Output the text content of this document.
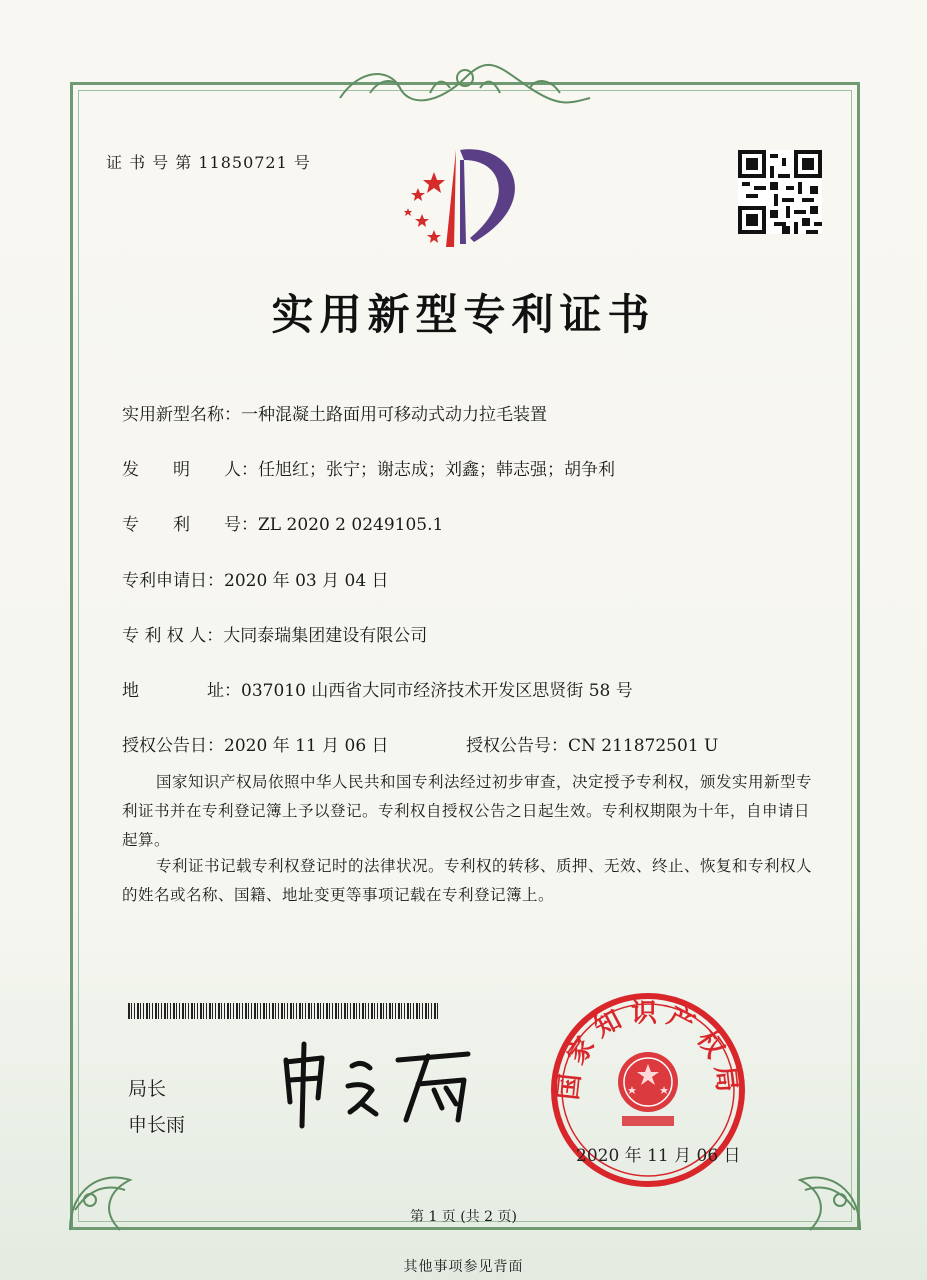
证 书 号 第 11850721 号
实用新型专利证书
实用新型名称：一种混凝土路面用可移动式动力拉毛装置
发　　明　　人：任旭红；张宁；谢志成；刘鑫；韩志强；胡争利
专　　利　　号：ZL 2020 2 0249105.1
专利申请日：2020 年 03 月 04 日
专 利 权 人：大同泰瑞集团建设有限公司
地　　　　址：037010 山西省大同市经济技术开发区思贤街 58 号
授权公告日：2020 年 11 月 06 日	授权公告号：CN 211872501 U
国家知识产权局依照中华人民共和国专利法经过初步审查，决定授予专利权，颁发实用新型专利证书并在专利登记簿上予以登记。专利权自授权公告之日起生效。专利权期限为十年，自申请日起算。
专利证书记载专利权登记时的法律状况。专利权的转移、质押、无效、终止、恢复和专利权人的姓名或名称、国籍、地址变更等事项记载在专利登记簿上。
局长
申长雨
国家知识产权局
2020 年 11 月 06 日
第 1 页 (共 2 页)
其他事项参见背面
